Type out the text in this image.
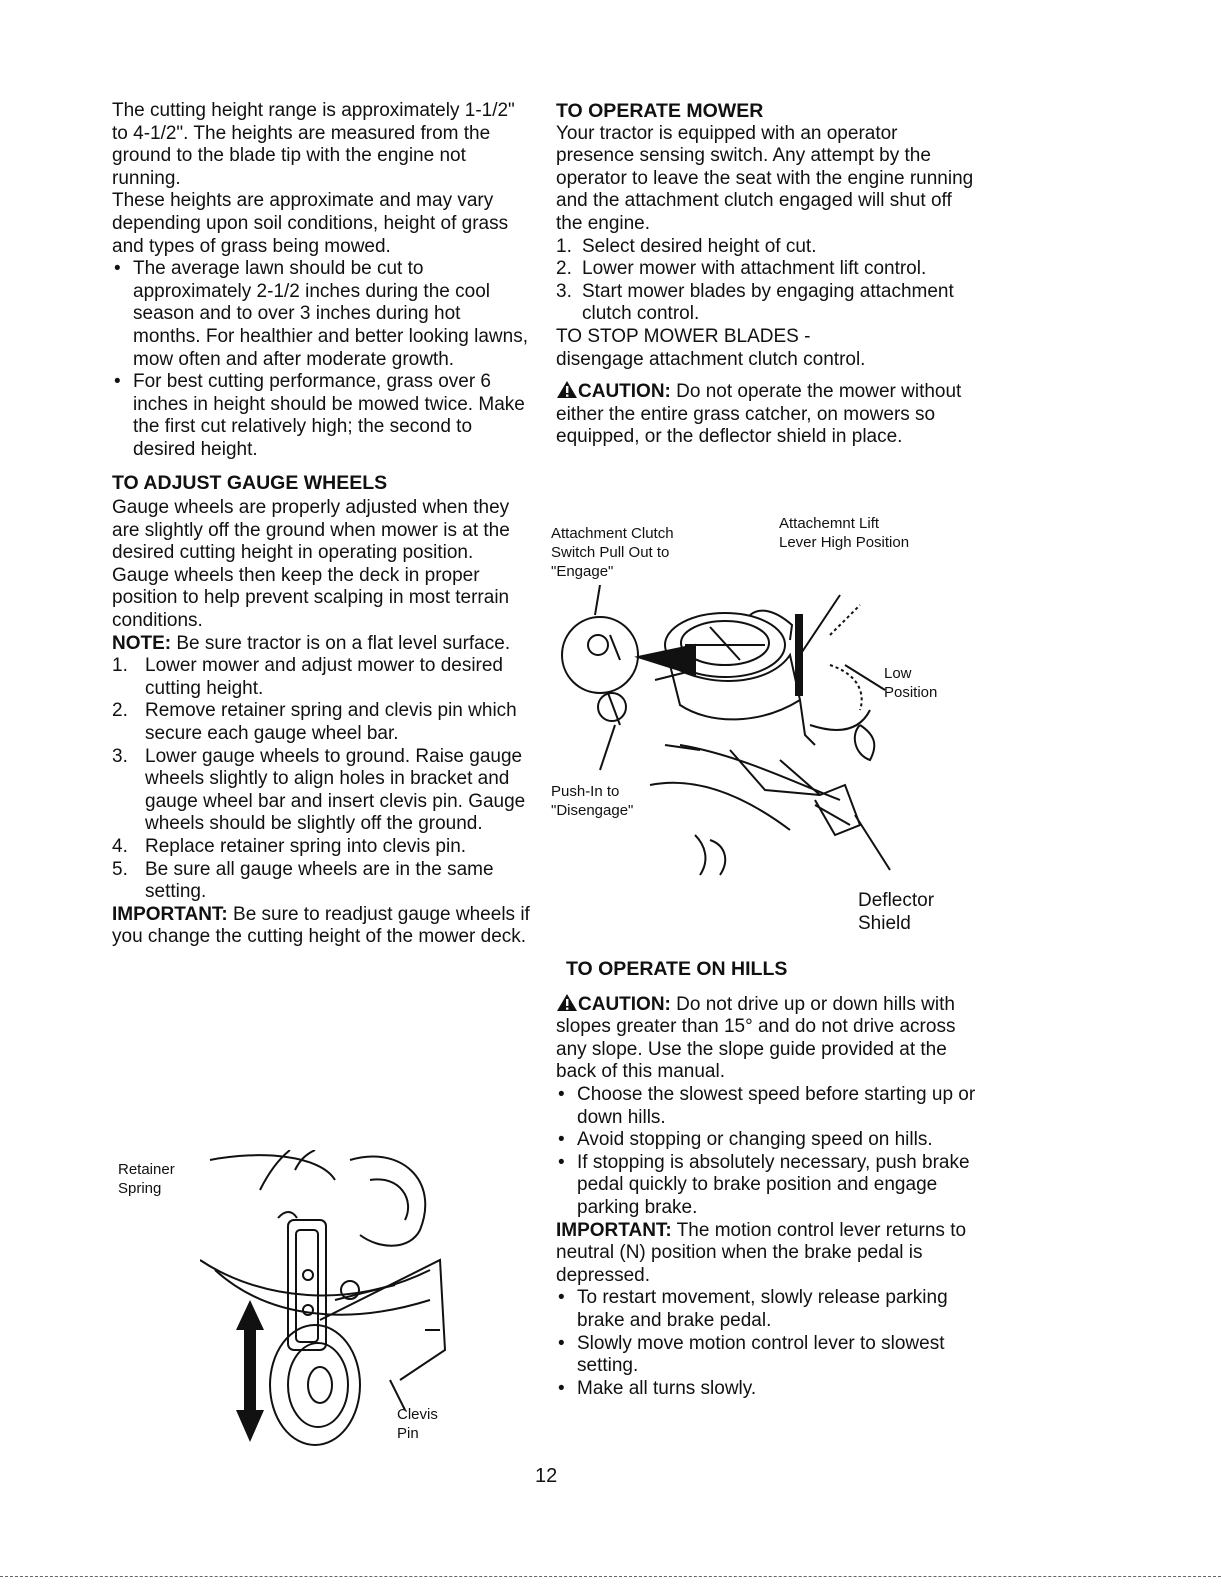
The cutting height range is approximately 1-1/2" to 4-1/2". The heights are measured from the ground to the blade tip with the engine not running.

These heights are approximate and may vary depending upon soil conditions, height of grass and types of grass being mowed.

• The average lawn should be cut to approximately 2-1/2 inches during the cool season and to over 3 inches during hot months. For healthier and better looking lawns, mow often and after moderate growth.

• For best cutting performance, grass over 6 inches in height should be mowed twice. Make the first cut relatively high; the second to desired height.

TO ADJUST GAUGE WHEELS

Gauge wheels are properly adjusted when they are slightly off the ground when mower is at the desired cutting height in operating position. Gauge wheels then keep the deck in proper position to help prevent scalping in most terrain conditions.

NOTE: Be sure tractor is on a flat level surface.

1. Lower mower and adjust mower to desired cutting height.

2. Remove retainer spring and clevis pin which secure each gauge wheel bar.

3. Lower gauge wheels to ground. Raise gauge wheels slightly to align holes in bracket and gauge wheel bar and insert clevis pin. Gauge wheels should be slightly off the ground.

4. Replace retainer spring into clevis pin.

5. Be sure all gauge wheels are in the same setting.

IMPORTANT: Be sure to readjust gauge wheels if you change the cutting height of the mower deck.

Retainer
Spring
Clevis
Pin

TO OPERATE MOWER

Your tractor is equipped with an operator presence sensing switch. Any attempt by the operator to leave the seat with the engine running and the attachment clutch engaged will shut off the engine.

1. Select desired height of cut.

2. Lower mower with attachment lift control.

3. Start mower blades by engaging attachment clutch control.

TO STOP MOWER BLADES -

disengage attachment clutch control.

CAUTION: Do not operate the mower without either the entire grass catcher, on mowers so equipped, or the deflector shield in place.

Attachment Clutch
Switch Pull Out to
"Engage"
Attachemnt Lift
Lever High Position
Low
Position
Push-In to
"Disengage"
Deflector
Shield

TO OPERATE ON HILLS

CAUTION: Do not drive up or down hills with slopes greater than 15° and do not drive across any slope. Use the slope guide provided at the back of this manual.

• Choose the slowest speed before starting up or down hills.

• Avoid stopping or changing speed on hills.

• If stopping is absolutely necessary, push brake pedal quickly to brake position and engage parking brake.

IMPORTANT: The motion control lever returns to neutral (N) position when the brake pedal is depressed.

• To restart movement, slowly release parking brake and brake pedal.

• Slowly move motion control lever to slowest setting.

• Make all turns slowly.

12
